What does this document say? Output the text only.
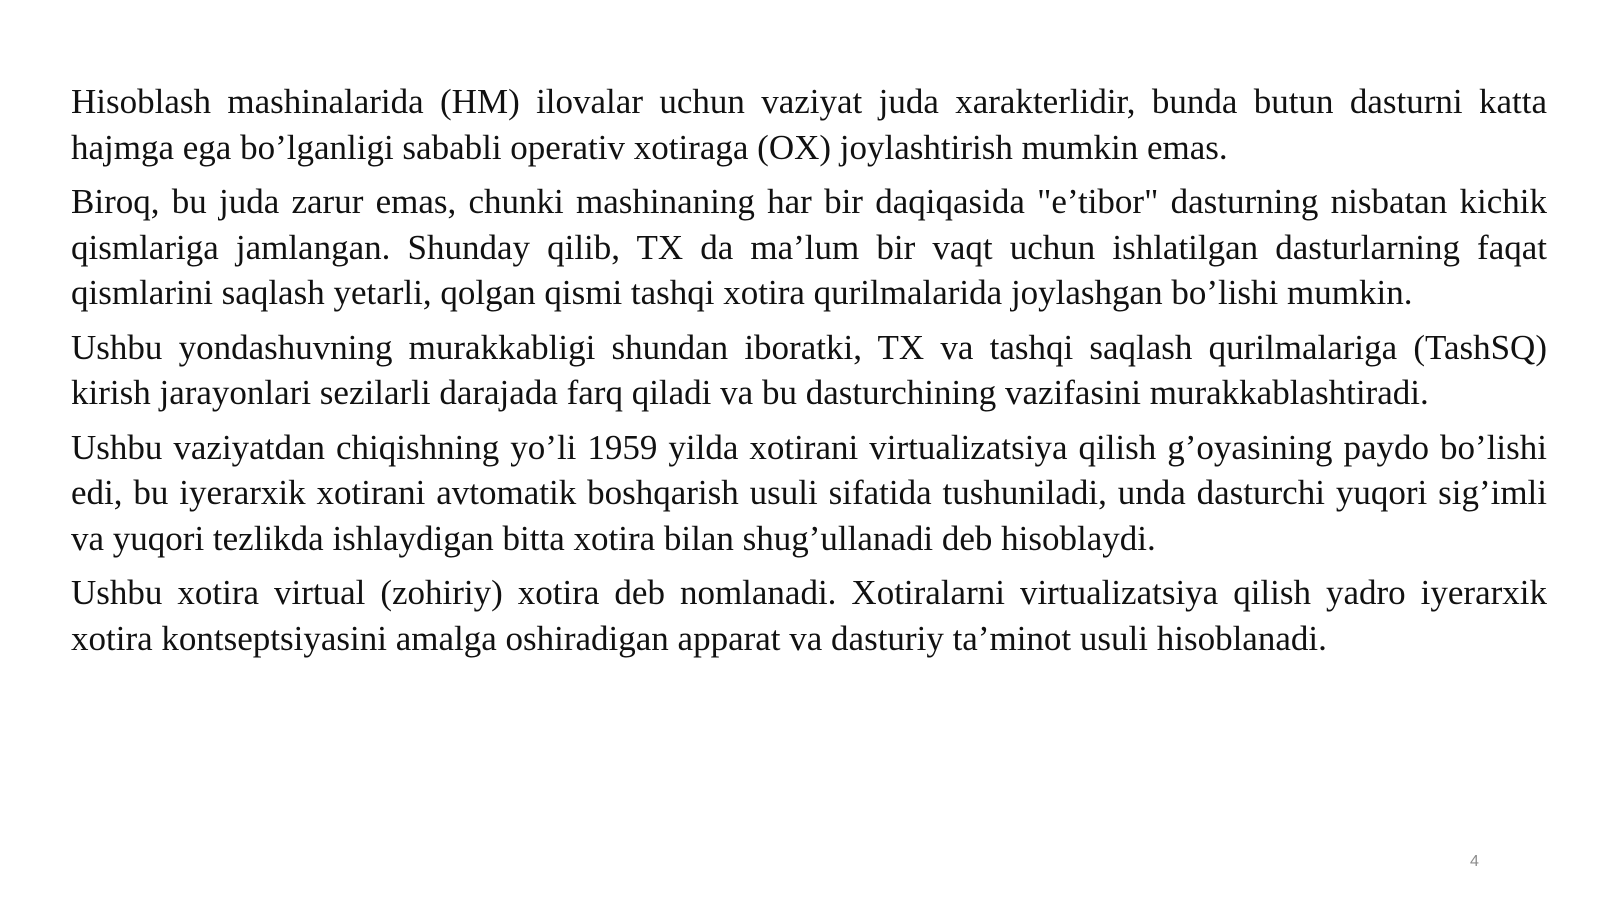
Hisoblash mashinalarida (HM) ilovalar uchun vaziyat juda xarakterlidir, bunda butun dasturni katta hajmga ega bo’lganligi sababli operativ xotiraga (OX) joylashtirish mumkin emas.

Biroq, bu juda zarur emas, chunki mashinaning har bir daqiqasida "e’tibor" dasturning nisbatan kichik qismlariga jamlangan. Shunday qilib, TX da ma’lum bir vaqt uchun ishlatilgan dasturlarning faqat qismlarini saqlash yetarli, qolgan qismi tashqi xotira qurilmalarida joylashgan bo’lishi mumkin.

Ushbu yondashuvning murakkabligi shundan iboratki, TX va tashqi saqlash qurilmalariga (TashSQ) kirish jarayonlari sezilarli darajada farq qiladi va bu dasturchining vazifasini murakkablashtiradi.

Ushbu vaziyatdan chiqishning yo’li 1959 yilda xotirani virtualizatsiya qilish g’oyasining paydo bo’lishi edi, bu iyerarxik xotirani avtomatik boshqarish usuli sifatida tushuniladi, unda dasturchi yuqori sig’imli va yuqori tezlikda ishlaydigan bitta xotira bilan shug’ullanadi deb hisoblaydi.

Ushbu xotira virtual (zohiriy) xotira deb nomlanadi. Xotiralarni virtualizatsiya qilish yadro iyerarxik xotira kontseptsiyasini amalga oshiradigan apparat va dasturiy ta’minot usuli hisoblanadi.

4
